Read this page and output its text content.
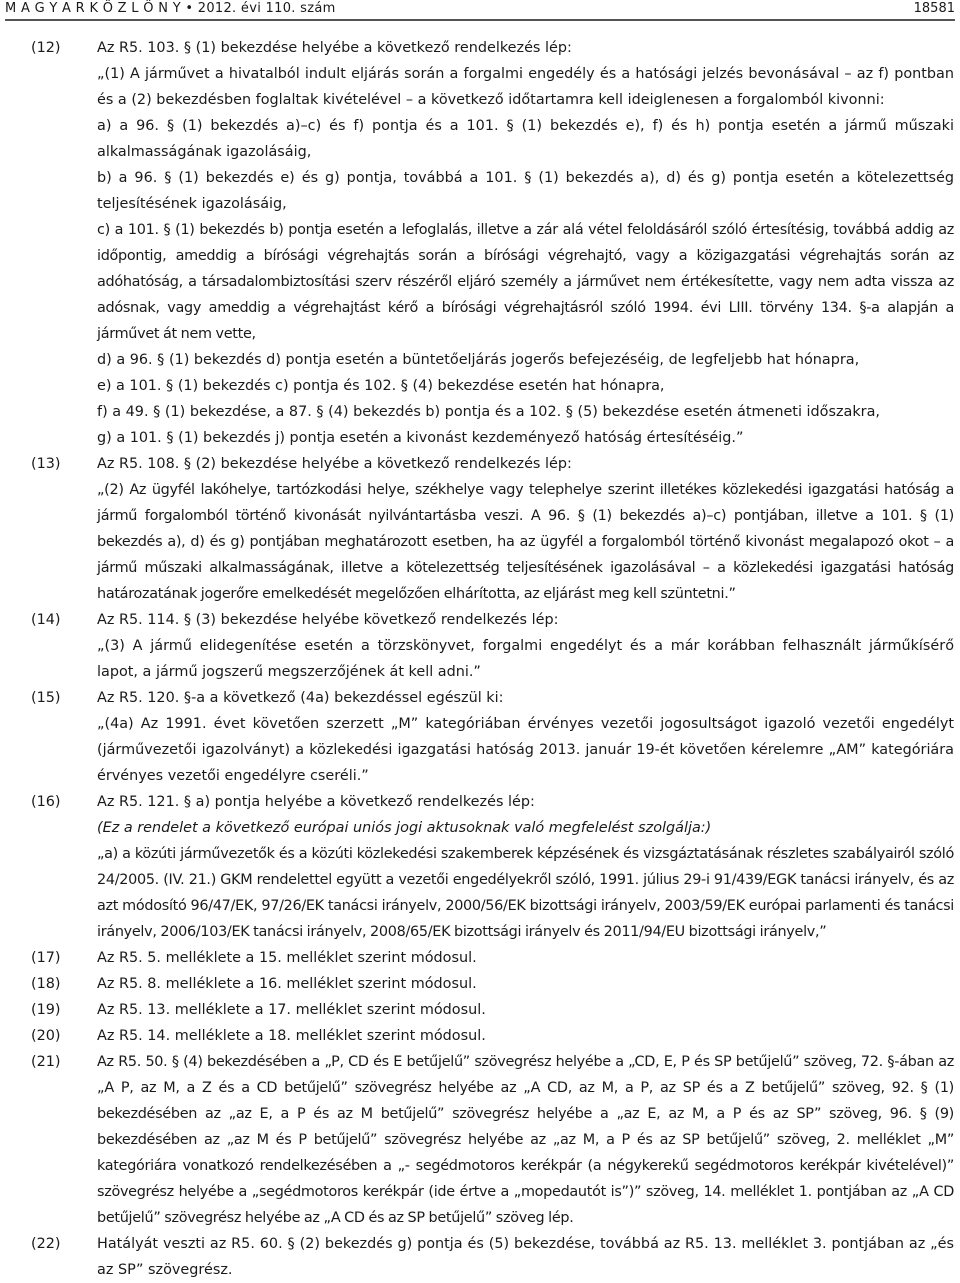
M A G Y A R K Ö Z L Ö N Y • 2012. évi 110. szám	18581
(12)	Az R5. 103. § (1) bekezdése helyébe a következő rendelkezés lép:

„(1) A járművet a hivatalból indult eljárás során a forgalmi engedély és a hatósági jelzés bevonásával – az f) pontban és a (2) bekezdésben foglaltak kivételével – a következő időtartamra kell ideiglenesen a forgalomból kivonni:

a) a 96. § (1) bekezdés a)–c) és f) pontja és a 101. § (1) bekezdés e), f) és h) pontja esetén a jármű műszaki alkalmasságának igazolásáig,

b) a 96. § (1) bekezdés e) és g) pontja, továbbá a 101. § (1) bekezdés a), d) és g) pontja esetén a kötelezettség teljesítésének igazolásáig,

c) a 101. § (1) bekezdés b) pontja esetén a lefoglalás, illetve a zár alá vétel feloldásáról szóló értesítésig, továbbá addig az időpontig, ameddig a bírósági végrehajtás során a bírósági végrehajtó, vagy a közigazgatási végrehajtás során az adóhatóság, a társadalombiztosítási szerv részéről eljáró személy a járművet nem értékesítette, vagy nem adta vissza az adósnak, vagy ameddig a végrehajtást kérő a bírósági végrehajtásról szóló 1994. évi LIII. törvény 134. §-a alapján a járművet át nem vette,

d) a 96. § (1) bekezdés d) pontja esetén a büntetőeljárás jogerős befejezéséig, de legfeljebb hat hónapra,

e) a 101. § (1) bekezdés c) pontja és 102. § (4) bekezdése esetén hat hónapra,

f) a 49. § (1) bekezdése, a 87. § (4) bekezdés b) pontja és a 102. § (5) bekezdése esetén átmeneti időszakra,

g) a 101. § (1) bekezdés j) pontja esetén a kivonást kezdeményező hatóság értesítéséig.”

(13)	Az R5. 108. § (2) bekezdése helyébe a következő rendelkezés lép:

„(2) Az ügyfél lakóhelye, tartózkodási helye, székhelye vagy telephelye szerint illetékes közlekedési igazgatási hatóság a jármű forgalomból történő kivonását nyilvántartásba veszi. A 96. § (1) bekezdés a)–c) pontjában, illetve a 101. § (1) bekezdés a), d) és g) pontjában meghatározott esetben, ha az ügyfél a forgalomból történő kivonást megalapozó okot – a jármű műszaki alkalmasságának, illetve a kötelezettség teljesítésének igazolásával – a közlekedési igazgatási hatóság határozatának jogerőre emelkedését megelőzően elhárította, az eljárást meg kell szüntetni.”

(14)	Az R5. 114. § (3) bekezdése helyébe következő rendelkezés lép:

„(3) A jármű elidegenítése esetén a törzskönyvet, forgalmi engedélyt és a már korábban felhasznált járműkísérő lapot, a jármű jogszerű megszerzőjének át kell adni.”

(15)	Az R5. 120. §-a a következő (4a) bekezdéssel egészül ki:

„(4a) Az 1991. évet követően szerzett „M” kategóriában érvényes vezetői jogosultságot igazoló vezetői engedélyt (járművezetői igazolványt) a közlekedési igazgatási hatóság 2013. január 19-ét követően kérelemre „AM” kategóriára érvényes vezetői engedélyre cseréli.”

(16)	Az R5. 121. § a) pontja helyébe a következő rendelkezés lép:

(Ez a rendelet a következő európai uniós jogi aktusoknak való megfelelést szolgálja:)

„a) a közúti járművezetők és a közúti közlekedési szakemberek képzésének és vizsgáztatásának részletes szabályairól szóló 24/2005. (IV. 21.) GKM rendelettel együtt a vezetői engedélyekről szóló, 1991. július 29-i 91/439/EGK tanácsi irányelv, és az azt módosító 96/47/EK, 97/26/EK tanácsi irányelv, 2000/56/EK bizottsági irányelv, 2003/59/EK európai parlamenti és tanácsi irányelv, 2006/103/EK tanácsi irányelv, 2008/65/EK bizottsági irányelv és 2011/94/EU bizottsági irányelv,”

(17)	Az R5. 5. melléklete a 15. melléklet szerint módosul.

(18)	Az R5. 8. melléklete a 16. melléklet szerint módosul.

(19)	Az R5. 13. melléklete a 17. melléklet szerint módosul.

(20)	Az R5. 14. melléklete a 18. melléklet szerint módosul.

(21)	Az R5. 50. § (4) bekezdésében a „P, CD és E betűjelű” szövegrész helyébe a „CD, E, P és SP betűjelű” szöveg, 72. §-ában az „A P, az M, a Z és a CD betűjelű” szövegrész helyébe az „A CD, az M, a P, az SP és a Z betűjelű” szöveg, 92. § (1) bekezdésében az „az E, a P és az M betűjelű” szövegrész helyébe a „az E, az M, a P és az SP” szöveg, 96. § (9) bekezdésében az „az M és P betűjelű” szövegrész helyébe az „az M, a P és az SP betűjelű” szöveg, 2. melléklet „M” kategóriára vonatkozó rendelkezésében a „- segédmotoros kerékpár (a négykerekű segédmotoros kerékpár kivételével)” szövegrész helyébe a „segédmotoros kerékpár (ide értve a „mopedautót is”)” szöveg, 14. melléklet 1. pontjában az „A CD betűjelű” szövegrész helyébe az „A CD és az SP betűjelű” szöveg lép.

(22)	Hatályát veszti az R5. 60. § (2) bekezdés g) pontja és (5) bekezdése, továbbá az R5. 13. melléklet 3. pontjában az „és az SP” szövegrész.
